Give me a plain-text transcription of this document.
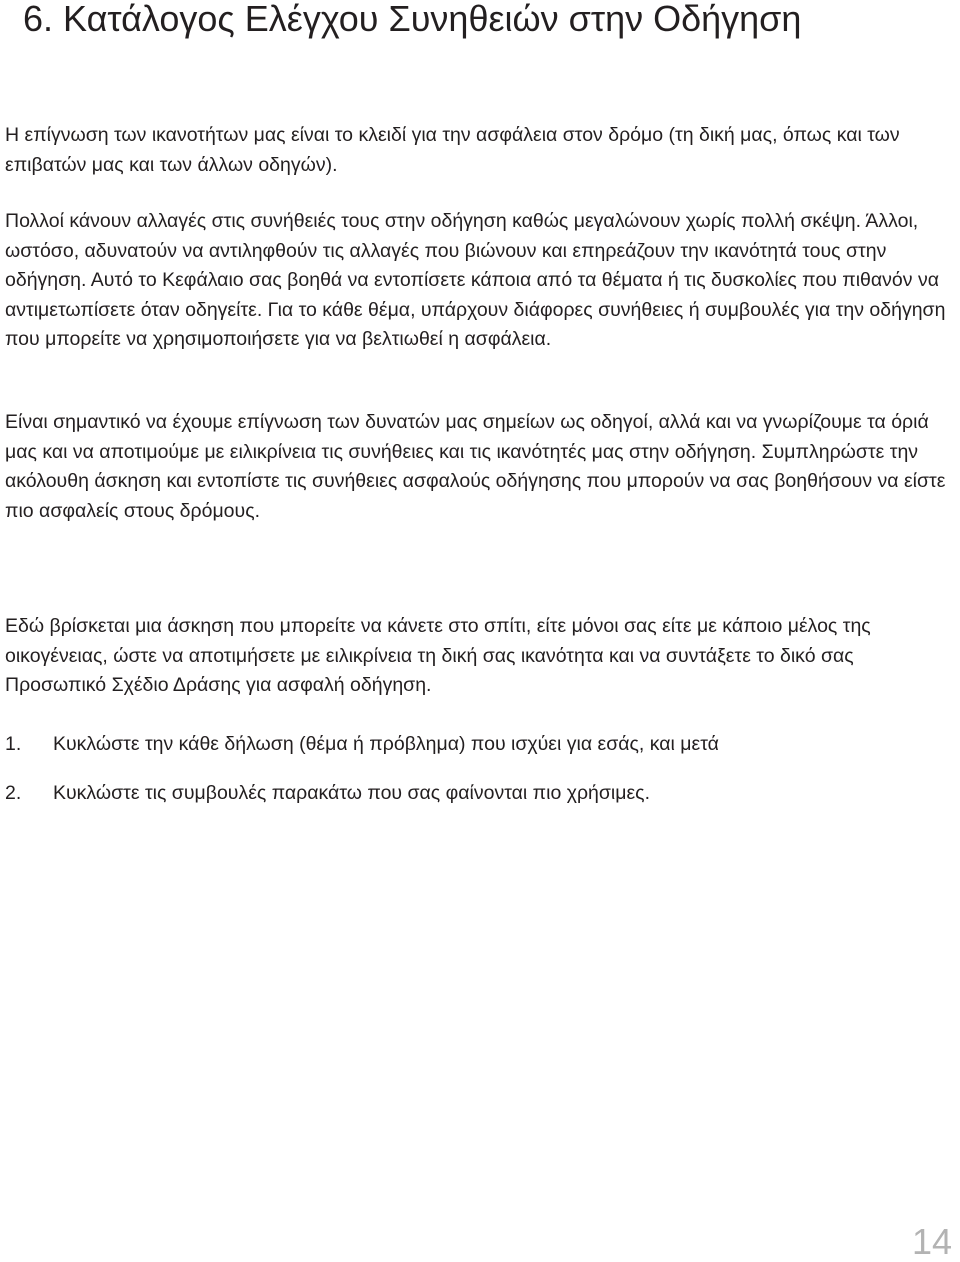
6. Κατάλογος Ελέγχου Συνηθειών στην Οδήγηση

Η επίγνωση των ικανοτήτων μας είναι το κλειδί για την ασφάλεια στον δρόμο (τη δική μας, όπως και των επιβατών μας και των άλλων οδηγών).

Πολλοί κάνουν αλλαγές στις συνήθειές τους στην οδήγηση καθώς μεγαλώνουν χωρίς πολλή σκέψη. Άλλοι, ωστόσο, αδυνατούν να αντιληφθούν τις αλλαγές που βιώνουν και επηρεάζουν την ικανότητά τους στην οδήγηση. Αυτό το Κεφάλαιο σας βοηθά να εντοπίσετε κάποια από τα θέματα ή τις δυσκολίες που πιθανόν να αντιμετωπίσετε όταν οδηγείτε. Για το κάθε θέμα, υπάρχουν διάφορες συνήθειες ή συμβουλές για την οδήγηση που μπορείτε να χρησιμοποιήσετε για να βελτιωθεί η ασφάλεια.

Είναι σημαντικό να έχουμε επίγνωση των δυνατών μας σημείων ως οδηγοί, αλλά και να γνωρίζουμε τα όριά μας και να αποτιμούμε με ειλικρίνεια τις συνήθειες και τις ικανότητές μας στην οδήγηση. Συμπληρώστε την ακόλουθη άσκηση και εντοπίστε τις συνήθειες ασφαλούς οδήγησης που μπορούν να σας βοηθήσουν να είστε πιο ασφαλείς στους δρόμους.

Εδώ βρίσκεται μια άσκηση που μπορείτε να κάνετε στο σπίτι, είτε μόνοι σας είτε με κάποιο μέλος της οικογένειας, ώστε να αποτιμήσετε με ειλικρίνεια τη δική σας ικανότητα και να συντάξετε το δικό σας Προσωπικό Σχέδιο Δράσης για ασφαλή οδήγηση.

1. Κυκλώστε την κάθε δήλωση (θέμα ή πρόβλημα) που ισχύει για εσάς, και μετά
2. Κυκλώστε τις συμβουλές παρακάτω που σας φαίνονται πιο χρήσιμες.
14
